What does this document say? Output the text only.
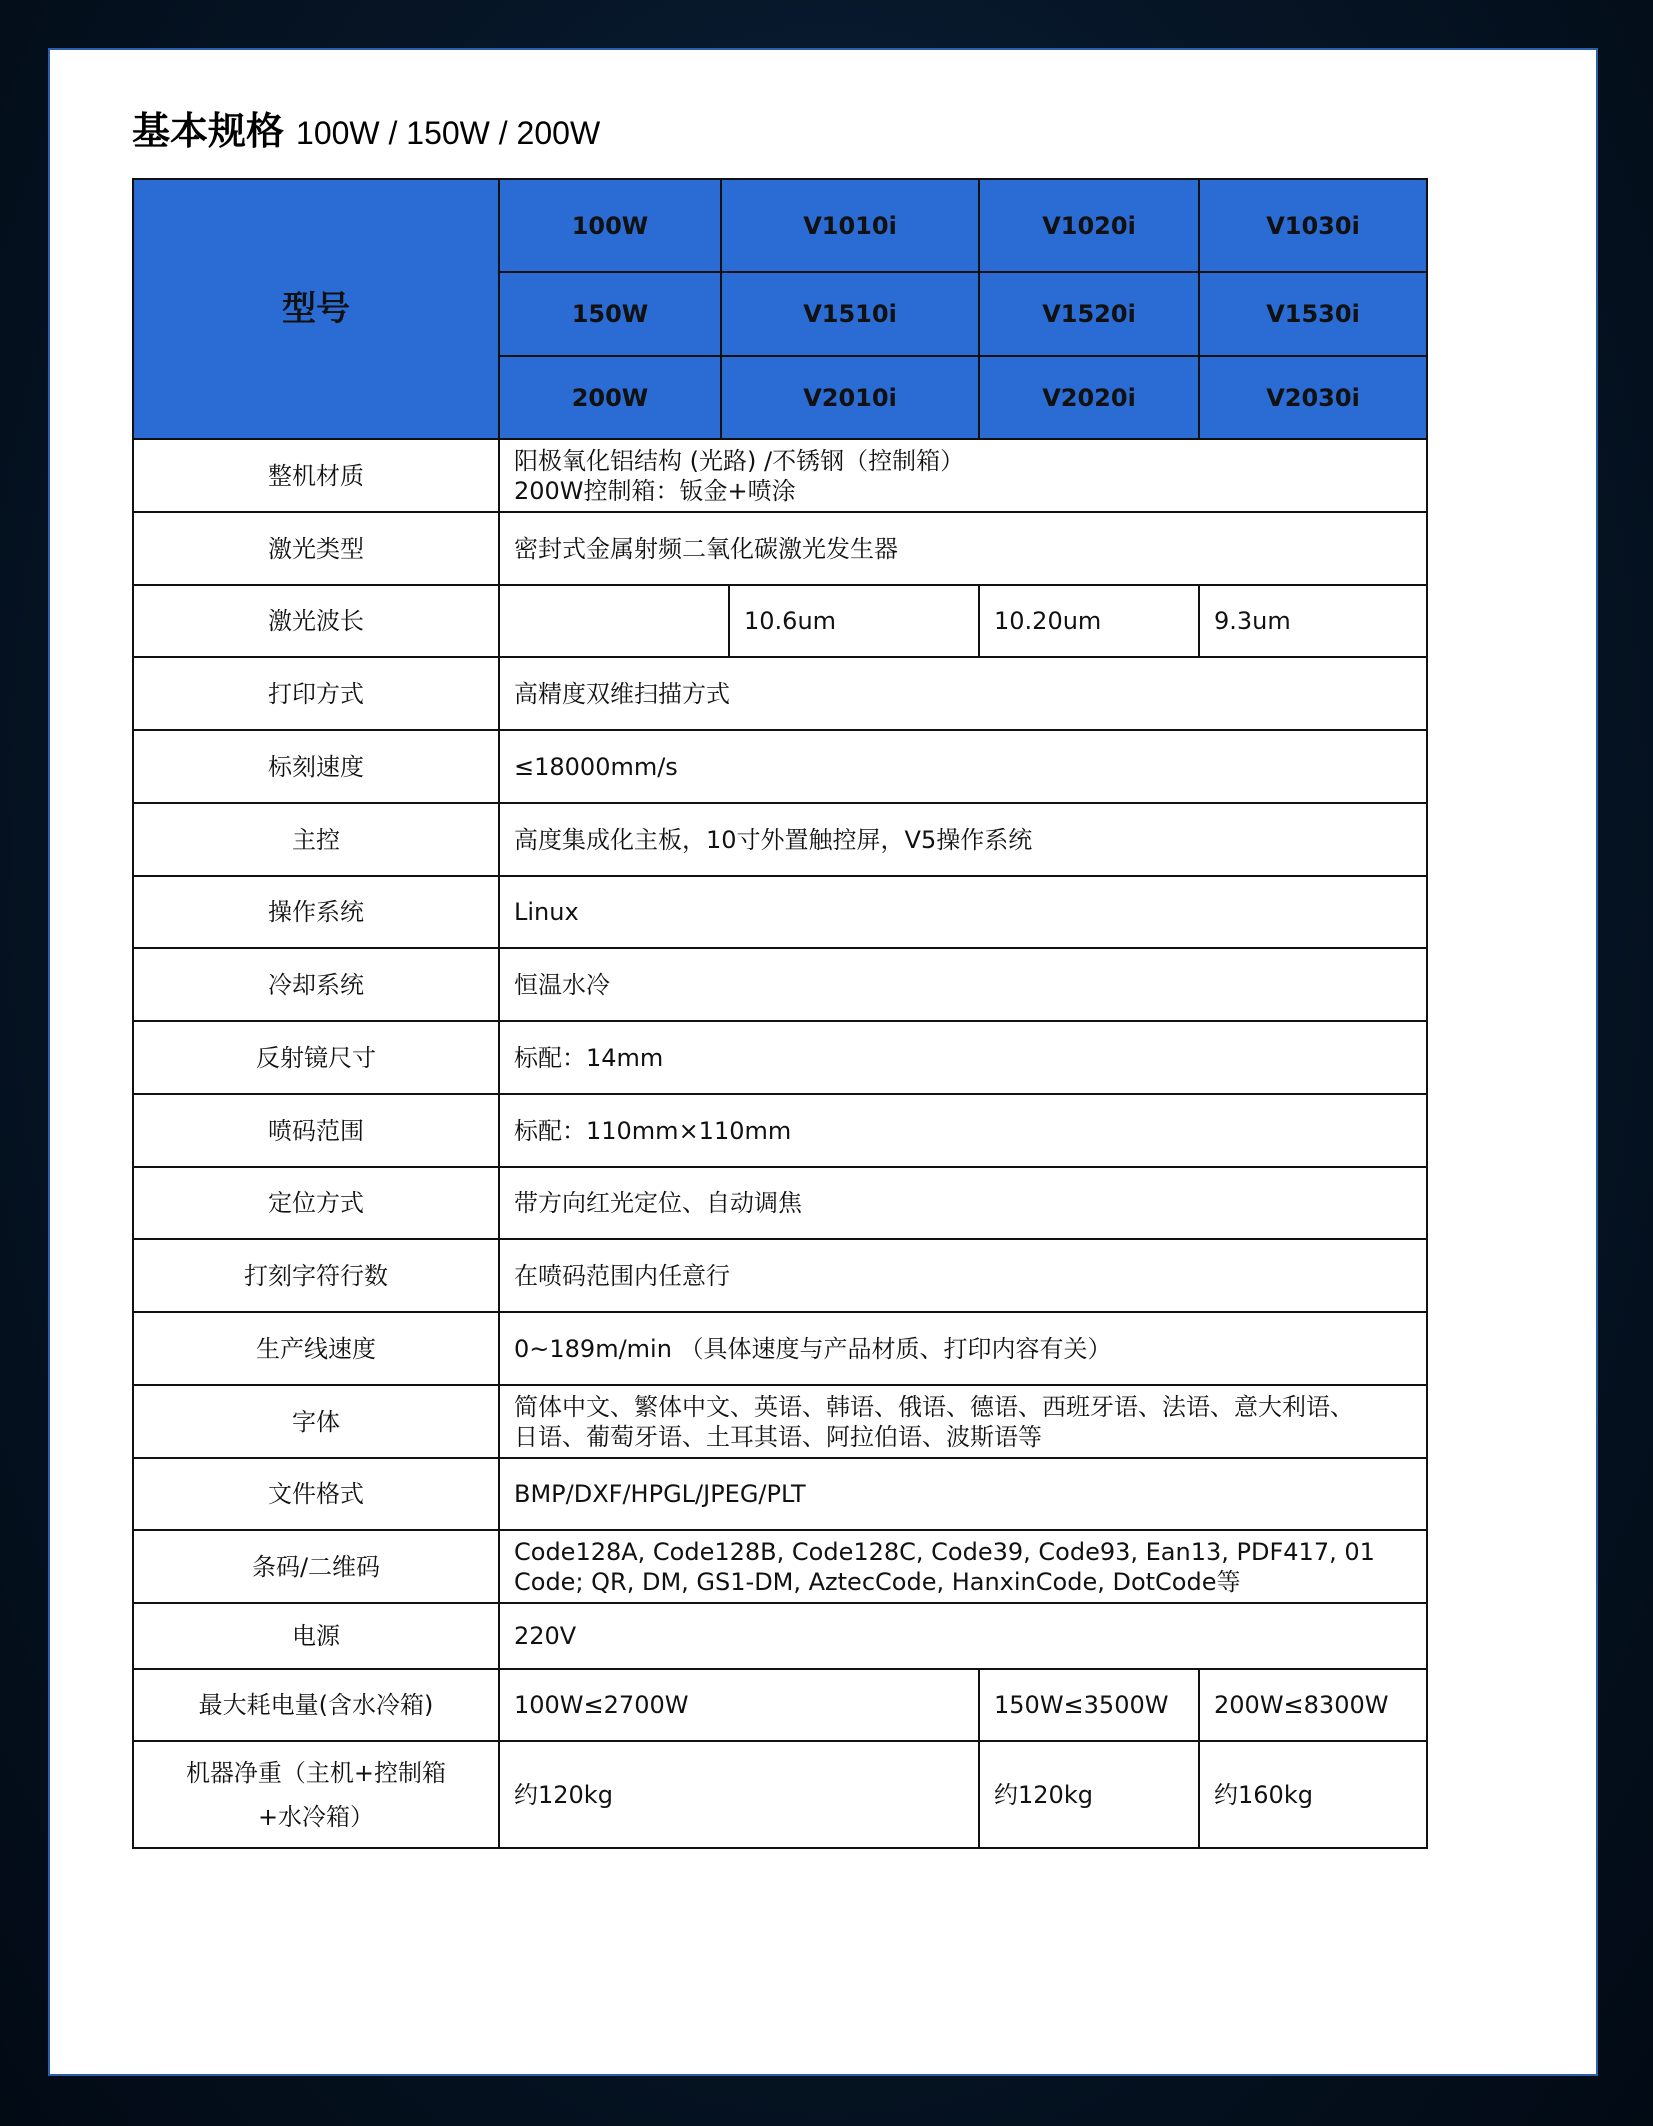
基本规格 100W / 150W / 200W
型号	100W	V1010i		V1020i	V1030i
	150W	V1510i		V1520i	V1530i
	200W	V2010i		V2020i	V2030i
整机材质	阳极氧化铝结构 (光路) /不锈钢（控制箱）
200W控制箱：钣金+喷涂				

激光类型	密封式金属射频二氧化碳激光发生器				
激光波长			10.6um	10.20um	9.3um
打印方式	高精度双维扫描方式				
标刻速度	≤18000mm/s				
主控	高度集成化主板，10寸外置触控屏，V5操作系统				
操作系统	Linux				
冷却系统	恒温水冷				
反射镜尺寸	标配：14mm				
喷码范围	标配：110mm×110mm				
定位方式	带方向红光定位、自动调焦				
打刻字符行数	在喷码范围内任意行				
生产线速度	0~189m/min （具体速度与产品材质、打印内容有关）				
字体	简体中文、繁体中文、英语、韩语、俄语、德语、西班牙语、法语、意大利语、
日语、葡萄牙语、土耳其语、阿拉伯语、波斯语等				

文件格式	BMP/DXF/HPGL/JPEG/PLT				
条码/二维码	Code128A, Code128B, Code128C, Code39, Code93, Ean13, PDF417, 01
Code; QR, DM, GS1-DM, AztecCode, HanxinCode, DotCode等				

电源	220V				
最大耗电量(含水冷箱)	100W≤2700W			150W≤3500W	200W≤8300W

机器净重（主机+控制箱
+水冷箱）	约120kg			约120kg	约160kg
